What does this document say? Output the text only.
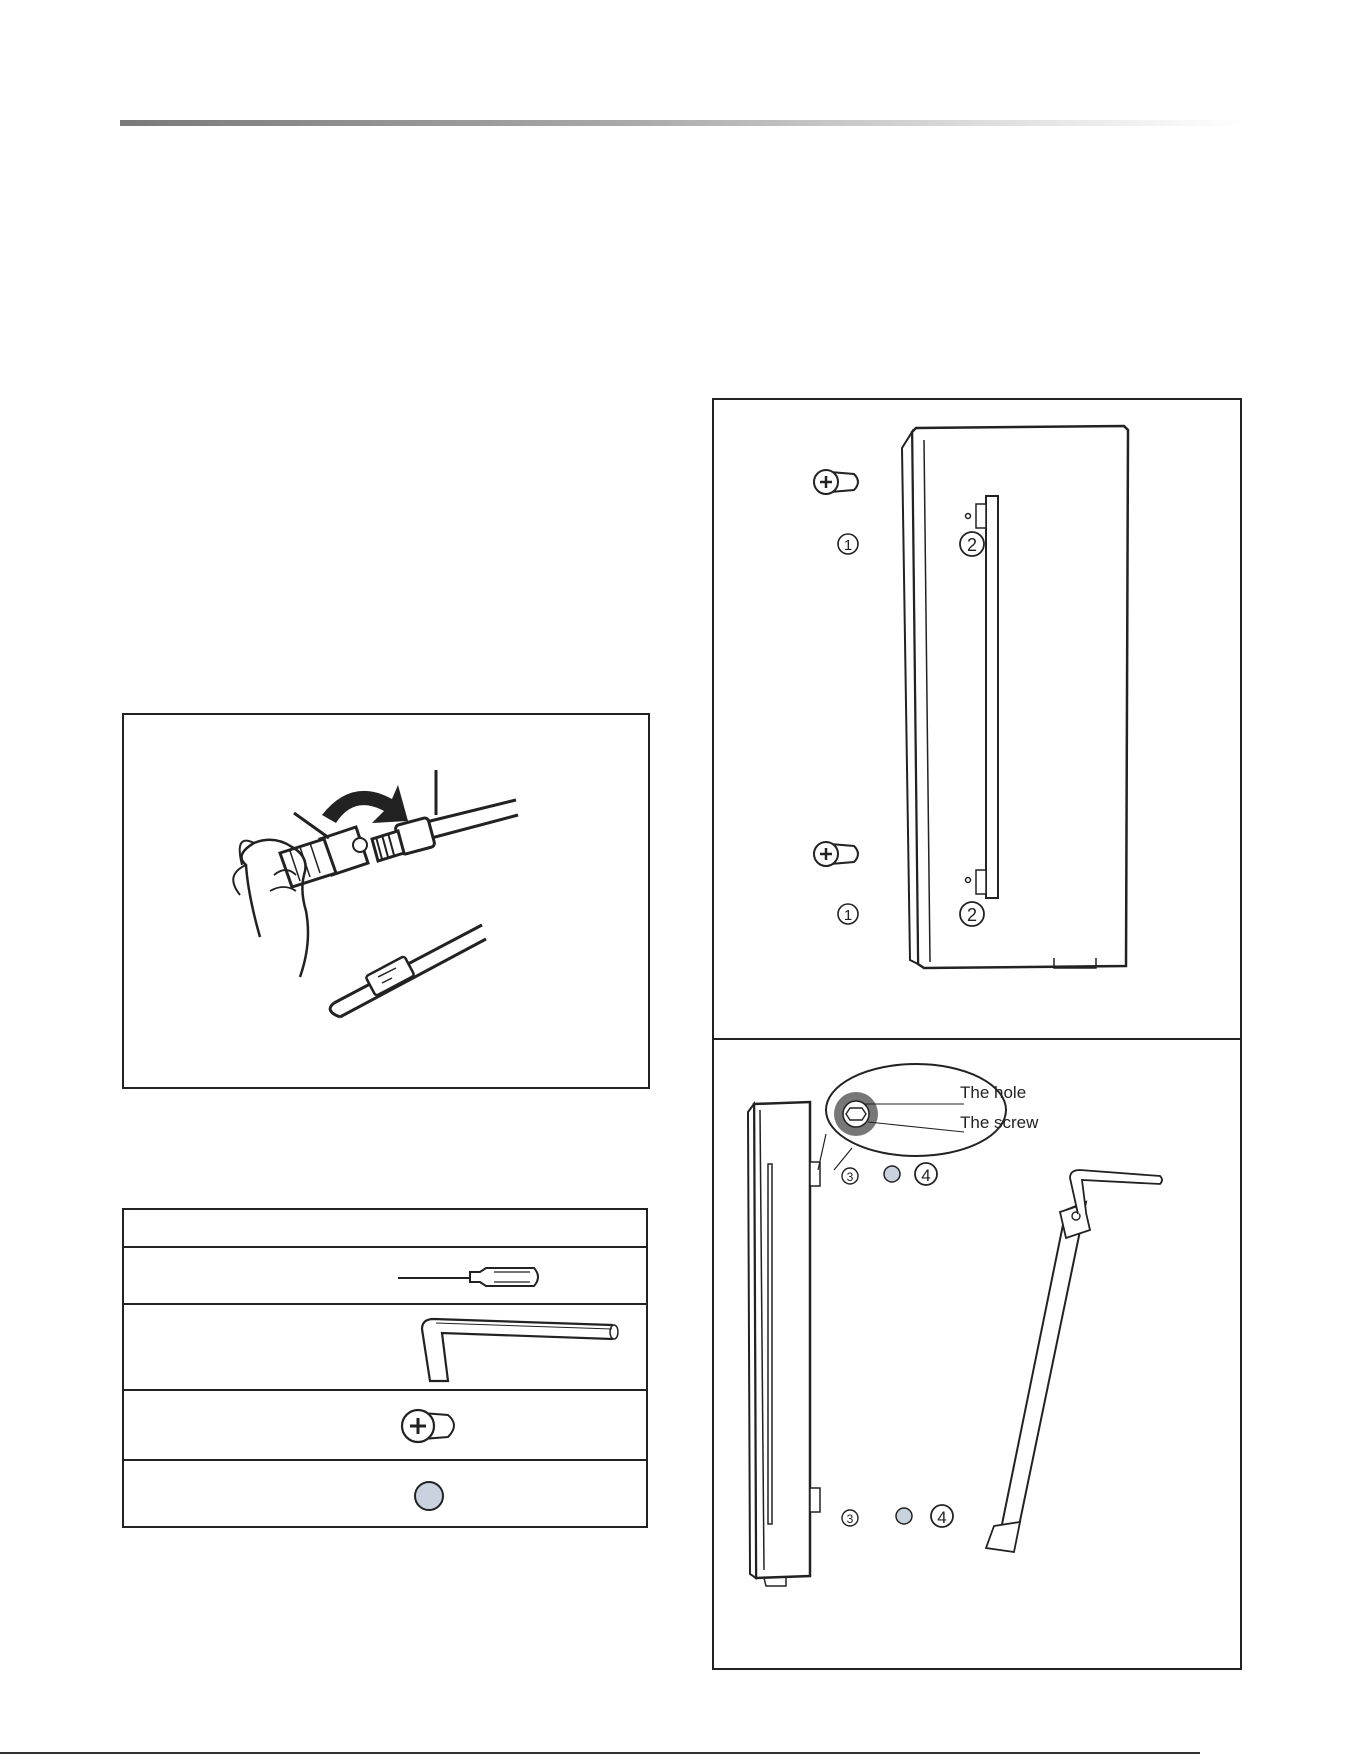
1	2
1	2
The hole
The screw
3	4
3	4
